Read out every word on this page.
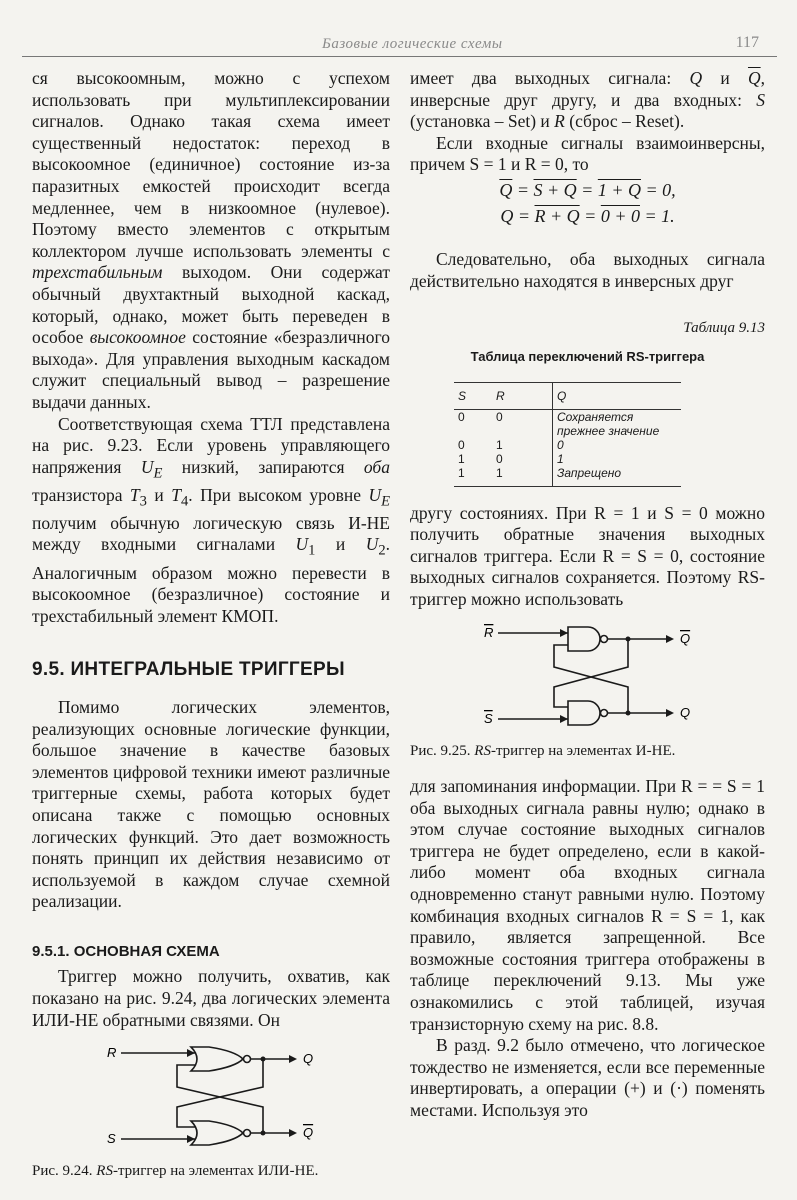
Базовые логические схемы	117

ся высокоомным, можно с успехом использовать при мультиплексировании сигналов. Однако такая схема имеет существенный недостаток: переход в высокоомное (единичное) состояние из-за паразитных емкостей происходит всегда медленнее, чем в низкоомное (нулевое). Поэтому вместо элементов с открытым коллектором лучше использовать элементы с трехстабильным выходом. Они содержат обычный двухтактный выходной каскад, который, однако, может быть переведен в особое высокоомное состояние «безразличного выхода». Для управления выходным каскадом служит специальный вывод – разрешение выдачи данных.

Соответствующая схема ТТЛ представлена на рис. 9.23. Если уровень управляющего напряжения $U_E$ низкий, запираются оба транзистора $T_3$ и $T_4$. При высоком уровне $U_E$ получим обычную логическую связь И-НЕ между входными сигналами $U_1$ и $U_2$. Аналогичным образом можно перевести в высокоомное (безразличное) состояние и трехстабильный элемент КМОП.

9.5. ИНТЕГРАЛЬНЫЕ ТРИГГЕРЫ

Помимо логических элементов, реализующих основные логические функции, большое значение в качестве базовых элементов цифровой техники имеют различные триггерные схемы, работа которых будет описана также с помощью основных логических функций. Это дает возможность понять принцип их действия независимо от используемой в каждом случае схемной реализации.

9.5.1. ОСНОВНАЯ СХЕМА

Триггер можно получить, охватив, как показано на рис. 9.24, два логических элемента ИЛИ-НЕ обратными связями. Он

R
S
Q
Q
Рис. 9.24. RS-триггер на элементах ИЛИ-НЕ.

имеет два выходных сигнала: Q и $\overline{Q}$, инверсные друг другу, и два входных: S (установка – Set) и R (сброс – Reset).

Если входные сигналы взаимоинверсны, причем S = 1 и R = 0, то

$\overline{Q} = S + Q = 1 + Q = 0$,
Q = R + Q = 0 + 0 = 1.

Следовательно, оба выходных сигнала действительно находятся в инверсных друг

Таблица 9.13
Таблица переключений RS-триггера
S	R	Q
0	0	Сохраняется прежнее значение
0	1	0
1	0	1
1	1	Запрещено

другу состояниях. При R = 1 и S = 0 можно получить обратные значения выходных сигналов триггера. Если R = S = 0, состояние выходных сигналов сохраняется. Поэтому RS-триггер можно использовать

R
S
Q
Q
Рис. 9.25. RS-триггер на элементах И-НЕ.

для запоминания информации. При R = = S = 1 оба выходных сигнала равны нулю; однако в этом случае состояние выходных сигналов триггера не будет определено, если в какой-либо момент оба входных сигнала одновременно станут равными нулю. Поэтому комбинация входных сигналов R = S = 1, как правило, является запрещенной. Все возможные состояния триггера отображены в таблице переключений 9.13. Мы уже ознакомились с этой таблицей, изучая транзисторную схему на рис. 8.8.

В разд. 9.2 было отмечено, что логическое тождество не изменяется, если все переменные инвертировать, а операции (+) и (·) поменять местами. Используя это
